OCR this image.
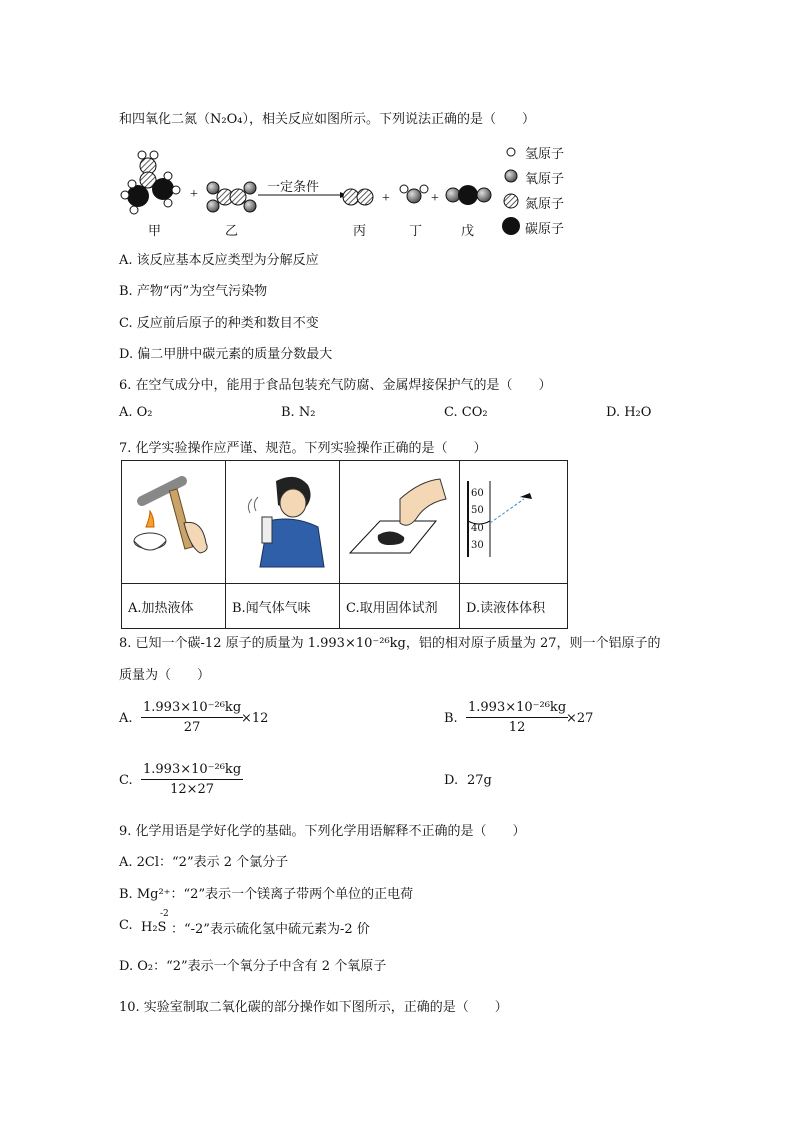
和四氧化二氮（N₂O₄），相关反应如图所示。下列说法正确的是（　　）
+	+	+
一定条件
甲	乙	丙	丁	戊
氢原子
氧原子
氮原子
碳原子
A. 该反应基本反应类型为分解反应
B. 产物“丙”为空气污染物
C. 反应前后原子的种类和数目不变
D. 偏二甲肼中碳元素的质量分数最大
6. 在空气成分中，能用于食品包装充气防腐、金属焊接保护气的是（　　）
A. O₂	B. N₂	C. CO₂	D. H₂O
7. 化学实验操作应严谨、规范。下列实验操作正确的是（　　）

60
50
40
30

A.加热液体	B.闻气体气味	C.取用固体试剂	D.读液体体积
8. 已知一个碳-12 原子的质量为 1.993×10⁻²⁶kg，铝的相对原子质量为 27，则一个铝原子的
质量为（　　）
A.
1.993×10⁻²⁶kg
27
×12	B.
1.993×10⁻²⁶kg
12
×27
C.
1.993×10⁻²⁶kg
12×27
D. 27g
9. 化学用语是学好化学的基础。下列化学用语解释不正确的是（　　）
A. 2Cl：“2”表示 2 个氯分子
B. Mg²⁺：“2”表示一个镁离子带两个单位的正电荷
C.
-2
H₂S ：“-2”表示硫化氢中硫元素为-2 价
D. O₂：“2”表示一个氧分子中含有 2 个氧原子
10. 实验室制取二氧化碳的部分操作如下图所示，正确的是（　　）
